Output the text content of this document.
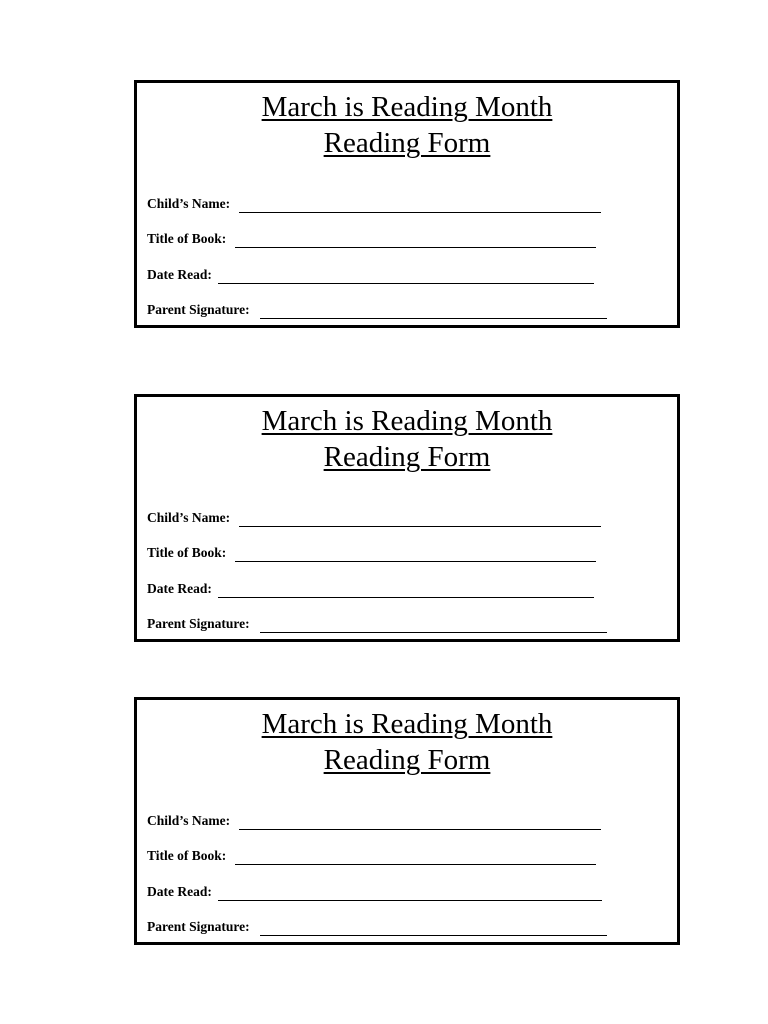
March is Reading Month
Reading Form
Child’s Name:
Title of Book:
Date Read:
Parent Signature:
March is Reading Month
Reading Form
Child’s Name:
Title of Book:
Date Read:
Parent Signature:
March is Reading Month
Reading Form
Child’s Name:
Title of Book:
Date Read:
Parent Signature:
